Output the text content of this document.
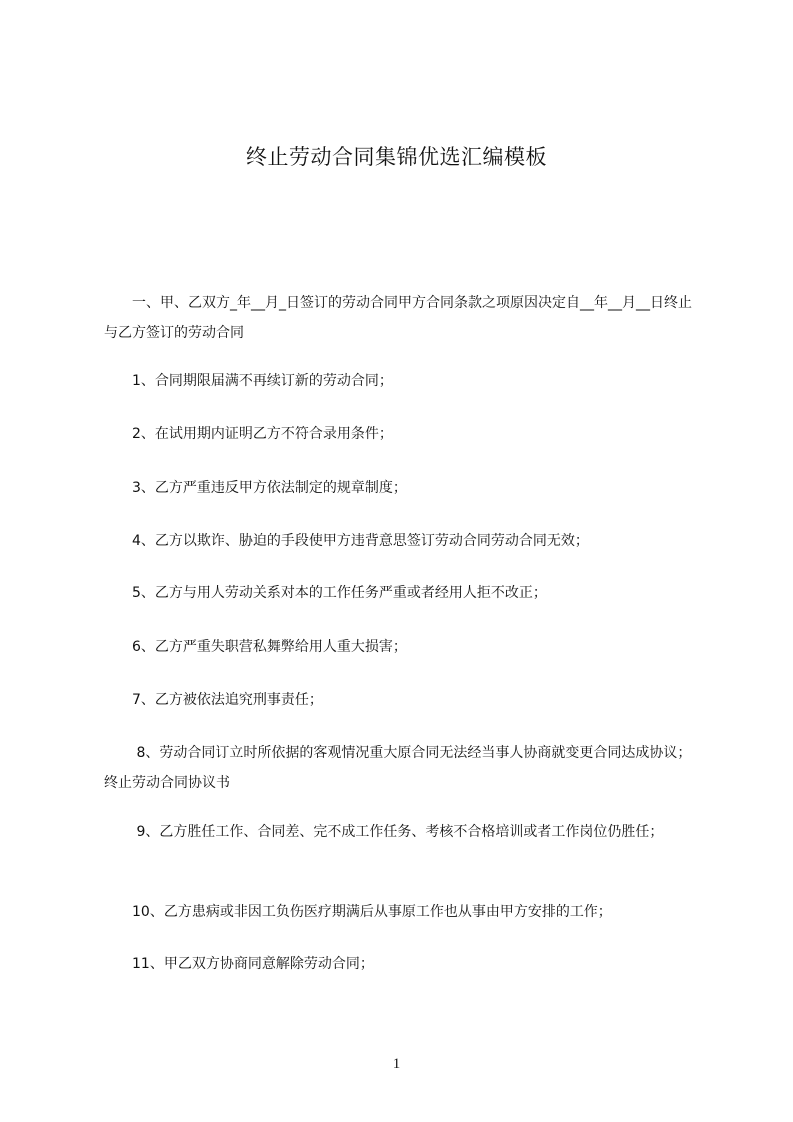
终止劳动合同集锦优选汇编模板

　　一、甲、乙双方_年__月_日签订的劳动合同甲方合同条款之项原因决定自__年__月__日终止与乙方签订的劳动合同

　　1、合同期限届满不再续订新的劳动合同；

　　2、在试用期内证明乙方不符合录用条件；

　　3、乙方严重违反甲方依法制定的规章制度；

　　4、乙方以欺诈、胁迫的手段使甲方违背意思签订劳动合同劳动合同无效；

　　5、乙方与用人劳动关系对本的工作任务严重或者经用人拒不改正；

　　6、乙方严重失职营私舞弊给用人重大损害；

　　7、乙方被依法追究刑事责任；

　　 8、劳动合同订立时所依据的客观情况重大原合同无法经当事人协商就变更合同达成协议；终止劳动合同协议书

　　 9、乙方胜任工作、合同差、完不成工作任务、考核不合格培训或者工作岗位仍胜任；

　　10、乙方患病或非因工负伤医疗期满后从事原工作也从事由甲方安排的工作；

　　11、甲乙双方协商同意解除劳动合同；

1
